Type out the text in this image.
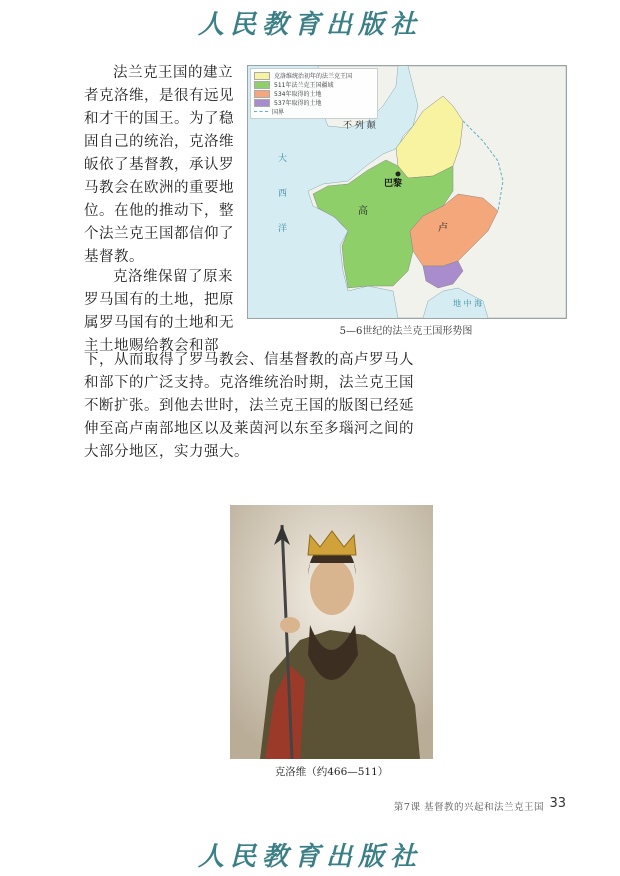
人民教育出版社

法兰克王国的建立者克洛维，是很有远见和才干的国王。为了稳固自己的统治，克洛维皈依了基督教，承认罗马教会在欧洲的重要地位。在他的推动下，整个法兰克王国都信仰了基督教。

克洛维保留了原来罗马国有的土地，把原属罗马国有的土地和无主土地赐给教会和部

下，从而取得了罗马教会、信基督教的高卢罗马人和部下的广泛支持。克洛维统治时期，法兰克王国不断扩张。到他去世时，法兰克王国的版图已经延伸至高卢南部地区以及莱茵河以东至多瑙河之间的大部分地区，实力强大。

不 列 颠
巴黎
高
卢
大
西
洋
地 中 海
克洛维统治初年的法兰克王国
511年法兰克王国疆域
534年取得的土地
537年取得的土地
国界
5—6世纪的法兰克王国形势图
克洛维（约466—511）
第7课 基督教的兴起和法兰克王国 33
人民教育出版社
